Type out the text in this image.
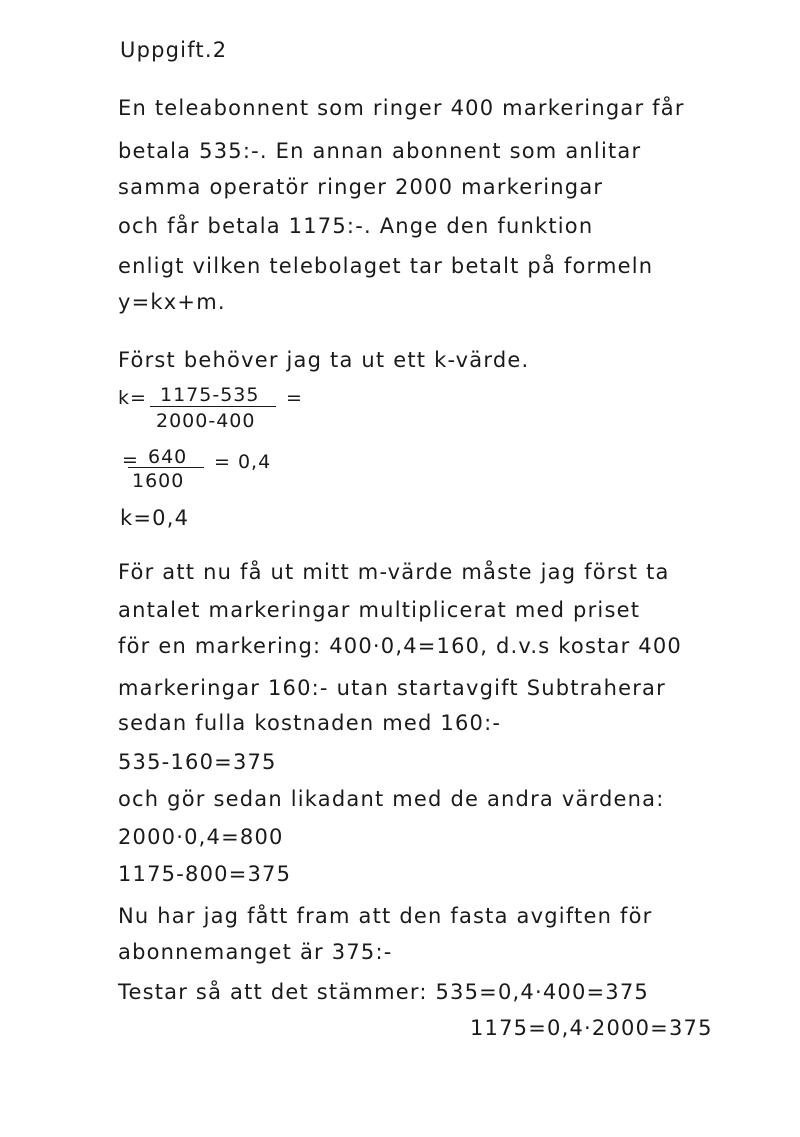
Uppgift.2
En teleabonnent som ringer 400 markeringar får
betala 535:-. En annan abonnent som anlitar
samma operatör ringer 2000 markeringar
och får betala 1175:-. Ange den funktion
enligt vilken telebolaget tar betalt på formeln
y=kx+m.
Först behöver jag ta ut ett k-värde.
k= 1175-535
2000-400
=
= 640
1600
= 0,4
k=0,4
För att nu få ut mitt m-värde måste jag först ta
antalet markeringar multiplicerat med priset
för en markering: 400·0,4=160, d.v.s kostar 400
markeringar 160:- utan startavgift Subtraherar
sedan fulla kostnaden med 160:-
535-160=375
och gör sedan likadant med de andra värdena:
2000·0,4=800
1175-800=375
Nu har jag fått fram att den fasta avgiften för
abonnemanget är 375:-
Testar så att det stämmer: 535=0,4·400=375
1175=0,4·2000=375
